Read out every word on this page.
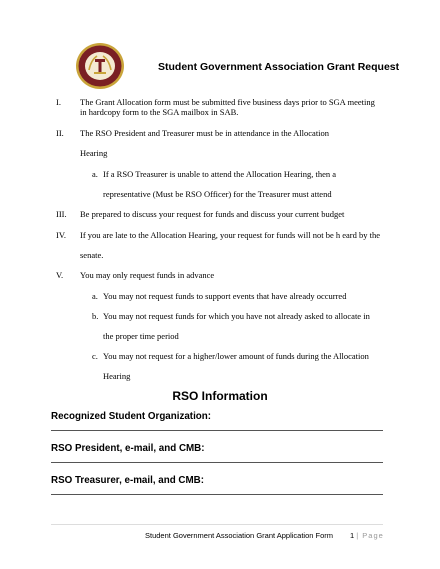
Student Government Association Grant Request
I. The Grant Allocation form must be submitted five business days prior to SGA meeting
in hardcopy form to the SGA mailbox in SAB.
II. The RSO President and Treasurer must be in attendance in the Allocation
Hearing
a. If a RSO Treasurer is unable to attend the Allocation Hearing, then a
representative (Must be RSO Officer) for the Treasurer must attend
III. Be prepared to discuss your request for funds and discuss your current budget
IV. If you are late to the Allocation Hearing, your request for funds will not be h eard by the
senate.
V. You may only request funds in advance
a. You may not request funds to support events that have already occurred
b. You may not request funds for which you have not already asked to allocate in
the proper time period
c. You may not request for a higher/lower amount of funds during the Allocation
Hearing
RSO Information
Recognized Student Organization:
RSO President, e-mail, and CMB:
RSO Treasurer, e-mail, and CMB:
Student Government Association Grant Application Form 1 | Page
